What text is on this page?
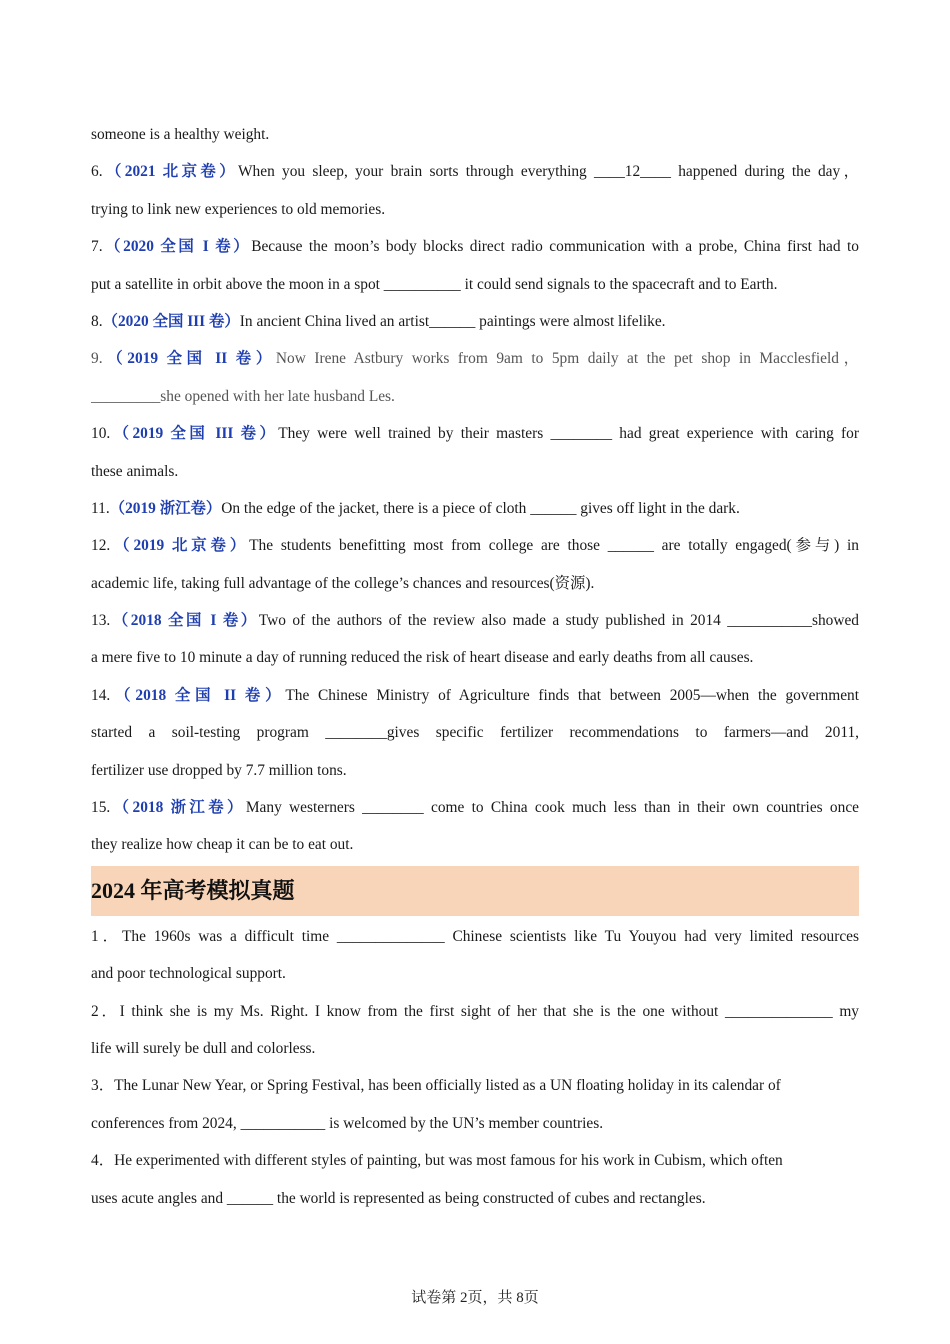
someone is a healthy weight.
6.（2021 北京卷）When you sleep, your brain sorts through everything ____12____ happened during the day，
trying to link new experiences to old memories.
7.（2020 全国 I 卷）Because the moon’s body blocks direct radio communication with a probe, China first had to
put a satellite in orbit above the moon in a spot __________ it could send signals to the spacecraft and to Earth.
8.（2020 全国 III 卷）In ancient China lived an artist______ paintings were almost lifelike.
9.（2019 全国 II 卷）Now Irene Astbury works from 9am to 5pm daily at the pet shop in Macclesfield，
_________she opened with her late husband Les.
10.（2019 全国 III 卷）They were well trained by their masters ________ had great experience with caring for
these animals.
11.（2019 浙江卷）On the edge of the jacket, there is a piece of cloth ______ gives off light in the dark.
12.（2019 北京卷）The students benefitting most from college are those ______ are totally engaged(参与) in
academic life, taking full advantage of the college’s chances and resources(资源).
13.（2018 全国 I 卷）Two of the authors of the review also made a study published in 2014 ___________showed
a mere five to 10 minute a day of running reduced the risk of heart disease and early deaths from all causes.
14.（2018 全国 II 卷）The Chinese Ministry of Agriculture finds that between 2005—when the government
started a soil-testing program ________gives specific fertilizer recommendations to farmers—and 2011,
fertilizer use dropped by 7.7 million tons.
15.（2018 浙江卷）Many westerners ________ come to China cook much less than in their own countries once
they realize how cheap it can be to eat out.
2024 年高考模拟真题
1．The 1960s was a difficult time ______________ Chinese scientists like Tu Youyou had very limited resources
and poor technological support.
2．I think she is my Ms. Right. I know from the first sight of her that she is the one without ______________ my
life will surely be dull and colorless.
3．The Lunar New Year, or Spring Festival, has been officially listed as a UN floating holiday in its calendar of
conferences from 2024, ___________ is welcomed by the UN’s member countries.
4．He experimented with different styles of painting, but was most famous for his work in Cubism, which often
uses acute angles and ______ the world is represented as being constructed of cubes and rectangles.
试卷第 2页，共 8页
